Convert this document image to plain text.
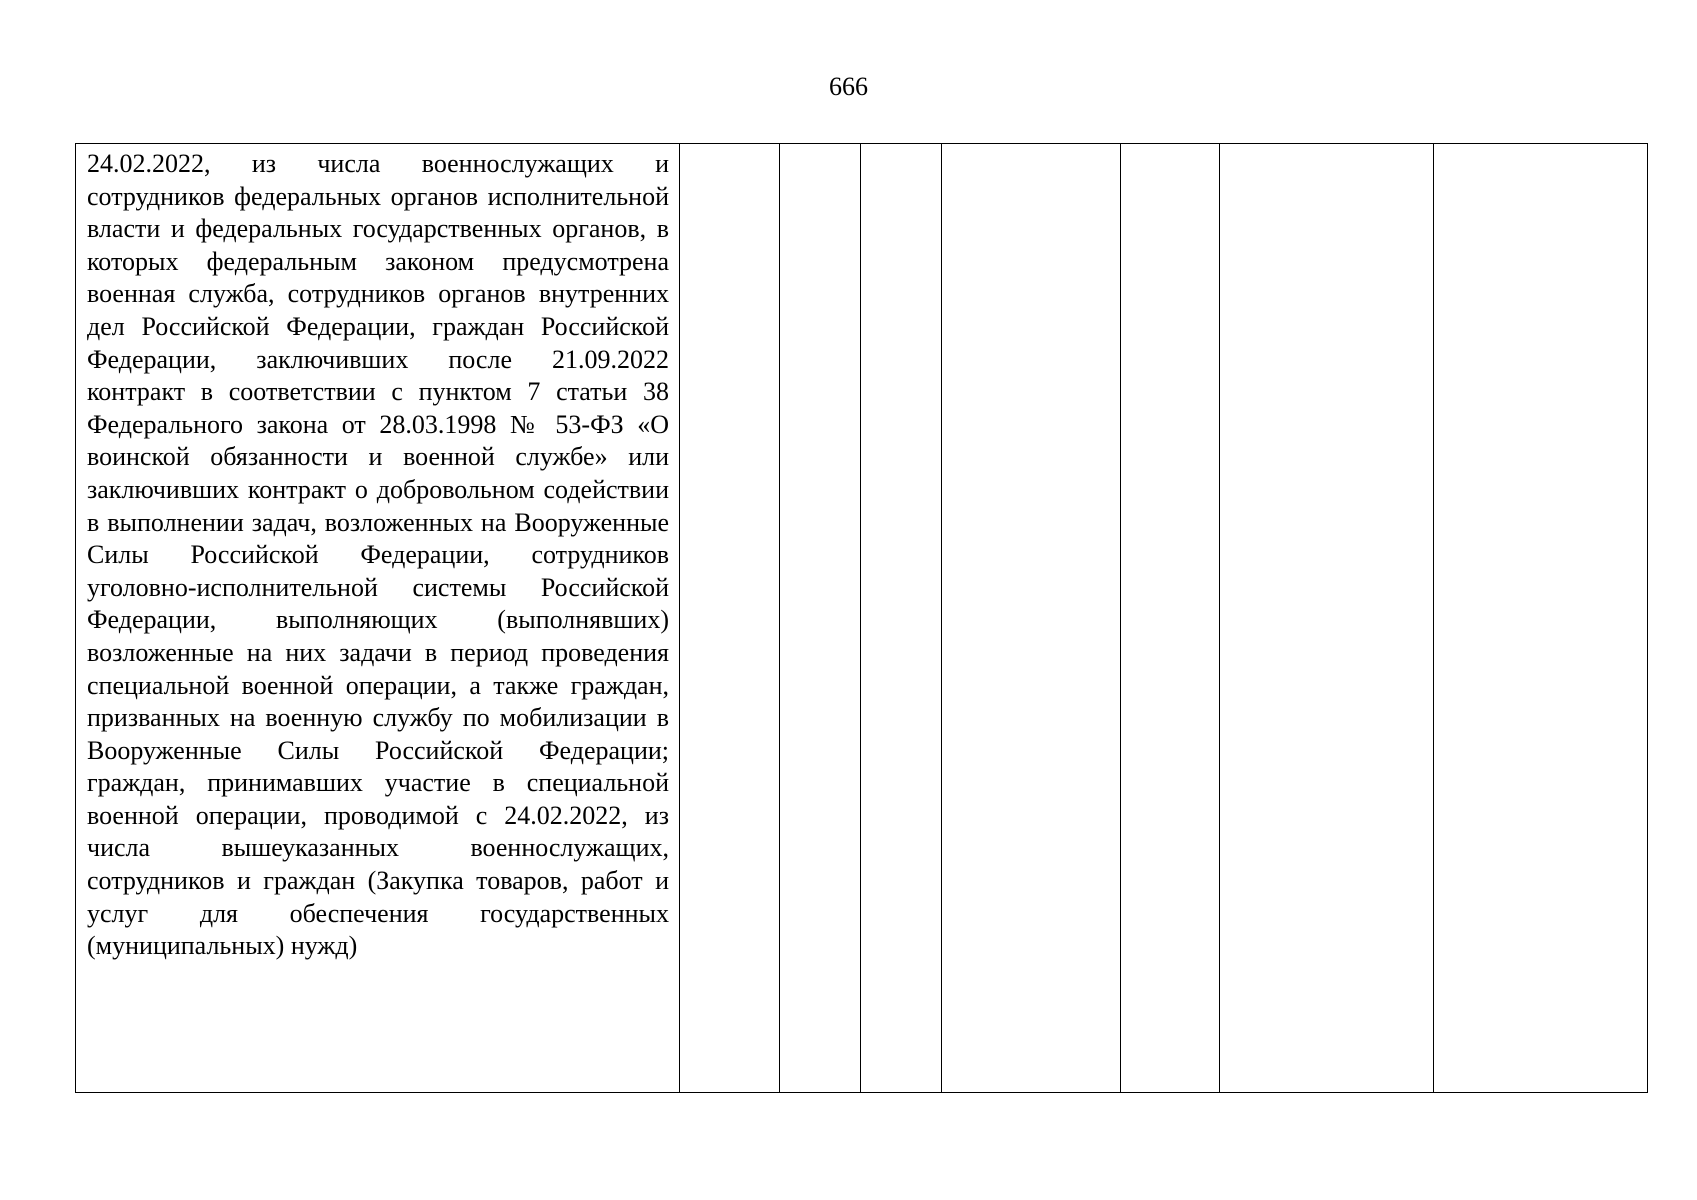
666
24.02.2022, из числа военнослужащих и сотрудников федеральных органов исполнительной власти и федеральных государственных органов, в которых федеральным законом предусмотрена военная служба, сотрудников органов внутренних дел Российской Федерации, граждан Российской Федерации, заключивших после 21.09.2022 контракт в соответствии с пунктом 7 статьи 38 Федерального закона от 28.03.1998 № 53-ФЗ «О воинской обязанности и военной службе» или заключивших контракт о добровольном содействии в выполнении задач, возложенных на Вооруженные Силы Российской Федерации, сотрудников уголовно-исполнительной системы Российской Федерации, выполняющих (выполнявших) возложенные на них задачи в период проведения специальной военной операции, а также граждан, призванных на военную службу по мобилизации в Вооруженные Силы Российской Федерации; граждан, принимавших участие в специальной военной операции, проводимой с 24.02.2022, из числа вышеуказанных военнослужащих, сотрудников и граждан (Закупка товаров, работ и услуг для обеспечения государственных (муниципальных) нужд)							
